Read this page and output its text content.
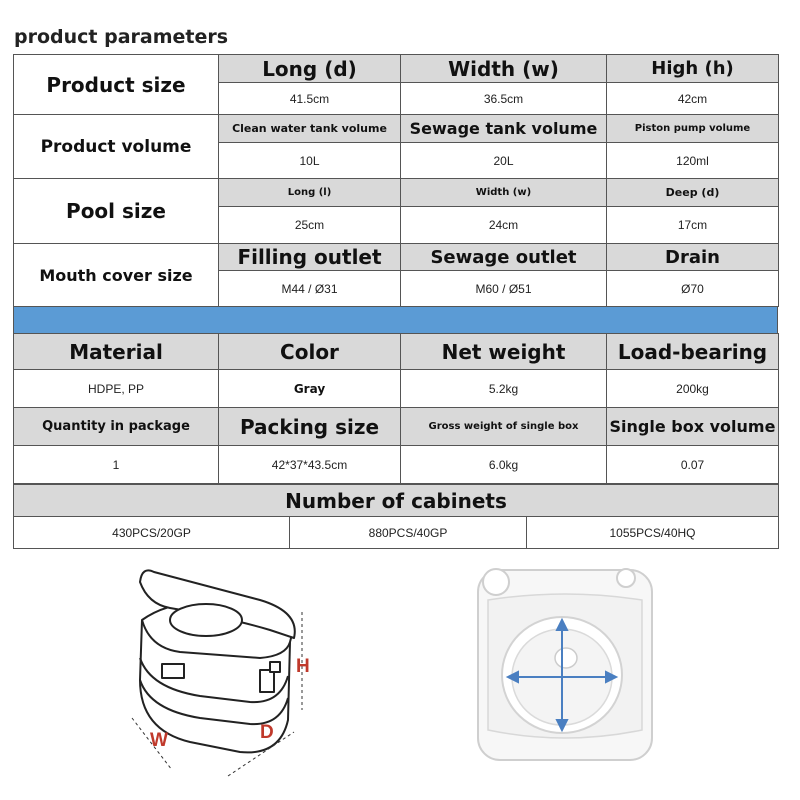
product parameters
Product size	Long (d)	Width (w)	High (h)
	41.5cm	36.5cm	42cm
Product volume	Clean water tank volume	Sewage tank volume	Piston pump volume
	10L	20L	120ml
Pool size	Long (l)	Width (w)	Deep (d)
	25cm	24cm	17cm
Mouth cover size	Filling outlet	Sewage outlet	Drain
	M44 / Ø31	M60 / Ø51	Ø70
Material	Color	Net weight	Load-bearing
HDPE, PP	Gray	5.2kg	200kg
Quantity in package	Packing size	Gross weight of single box	Single box volume
1	42*37*43.5cm	6.0kg	0.07
Number of cabinets
430PCS/20GP	880PCS/40GP	1055PCS/40HQ
H
W	D
